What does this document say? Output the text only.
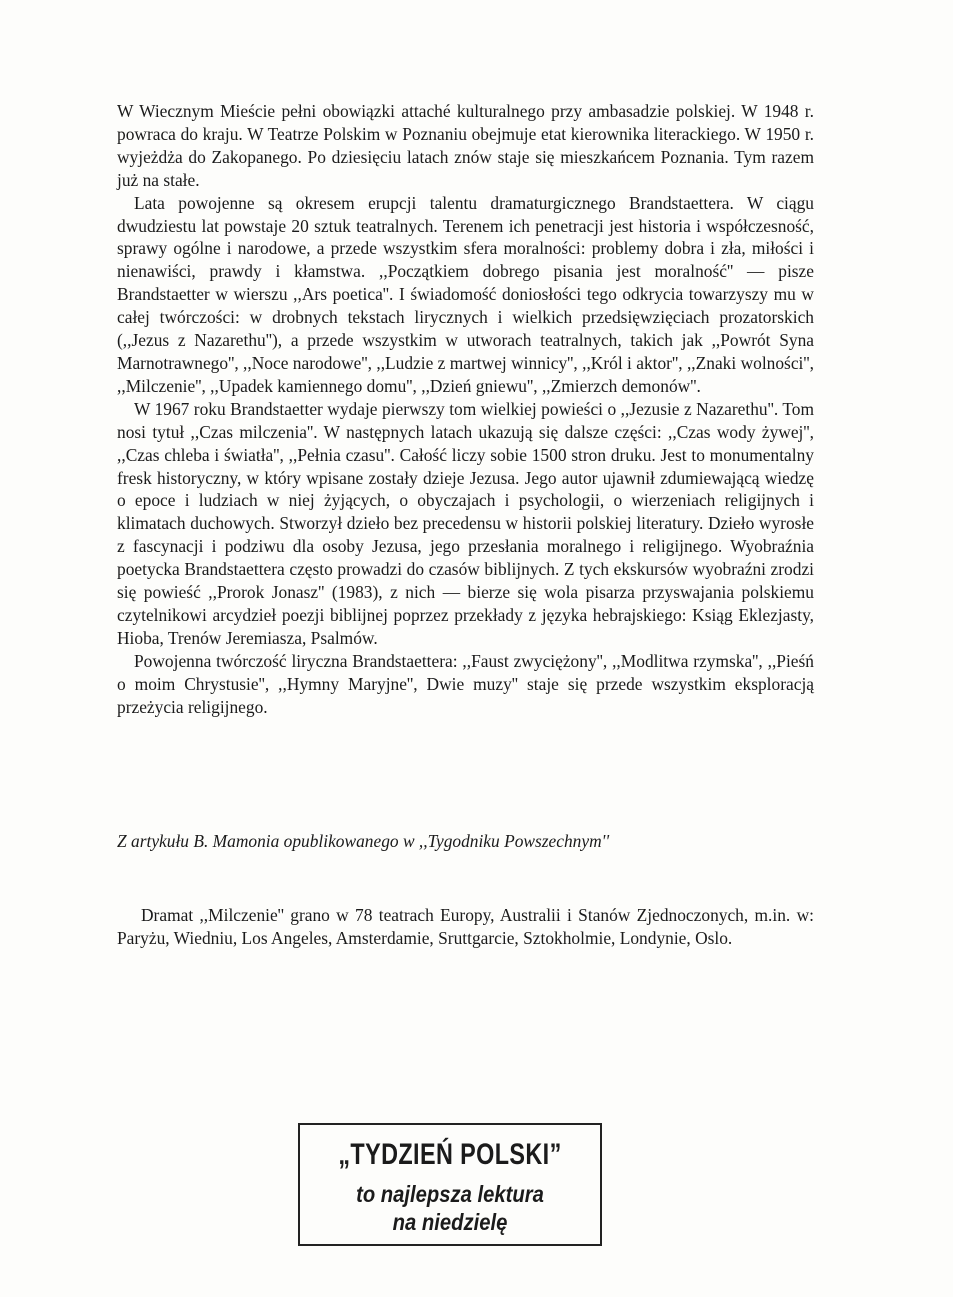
W Wiecznym Mieście pełni obowiązki attaché kulturalnego przy ambasadzie polskiej. W 1948 r. powraca do kraju. W Teatrze Polskim w Poznaniu obejmuje etat kierownika literackiego. W 1950 r. wyjeżdża do Zakopanego. Po dziesięciu latach znów staje się mieszkańcem Poznania. Tym razem już na stałe.

Lata powojenne są okresem erupcji talentu dramaturgicznego Brandstaettera. W ciągu dwudziestu lat powstaje 20 sztuk teatralnych. Terenem ich penetracji jest historia i współczesność, sprawy ogólne i narodowe, a przede wszystkim sfera moralności: problemy dobra i zła, miłości i nienawiści, prawdy i kłamstwa. ,,Początkiem dobrego pisania jest moralność'' — pisze Brandstaetter w wierszu ,,Ars poetica''. I świadomość doniosłości tego odkrycia towarzyszy mu w całej twórczości: w drobnych tekstach lirycznych i wielkich przedsięwzięciach prozatorskich (,,Jezus z Nazarethu''), a przede wszystkim w utworach teatralnych, takich jak ,,Powrót Syna Marnotrawnego'', ,,Noce narodowe'', ,,Ludzie z martwej winnicy'', ,,Król i aktor'', ,,Znaki wolności'', ,,Milczenie'', ,,Upadek kamiennego domu'', ,,Dzień gniewu'', ,,Zmierzch demonów''.

W 1967 roku Brandstaetter wydaje pierwszy tom wielkiej powieści o ,,Jezusie z Nazarethu''. Tom nosi tytuł ,,Czas milczenia''. W następnych latach ukazują się dalsze części: ,,Czas wody żywej'', ,,Czas chleba i światła'', ,,Pełnia czasu''. Całość liczy sobie 1500 stron druku. Jest to monumentalny fresk historyczny, w który wpisane zostały dzieje Jezusa. Jego autor ujawnił zdumiewającą wiedzę o epoce i ludziach w niej żyjących, o obyczajach i psychologii, o wierzeniach religijnych i klimatach duchowych. Stworzył dzieło bez precedensu w historii polskiej literatury. Dzieło wyrosłe z fascynacji i podziwu dla osoby Jezusa, jego przesłania moralnego i religijnego. Wyobraźnia poetycka Brandstaettera często prowadzi do czasów biblijnych. Z tych ekskursów wyobraźni zrodzi się powieść ,,Prorok Jonasz'' (1983), z nich — bierze się wola pisarza przyswajania polskiemu czytelnikowi arcydzieł poezji biblijnej poprzez przekłady z języka hebrajskiego: Ksiąg Eklezjasty, Hioba, Trenów Jeremiasza, Psalmów.

Powojenna twórczość liryczna Brandstaettera: ,,Faust zwyciężony'', ,,Modlitwa rzymska'', ,,Pieśń o moim Chrystusie'', ,,Hymny Maryjne'', Dwie muzy'' staje się przede wszystkim eksploracją przeżycia religijnego.

Z artykułu B. Mamonia opublikowanego w ,,Tygodniku Powszechnym''

Dramat ,,Milczenie'' grano w 78 teatrach Europy, Australii i Stanów Zjednoczonych, m.in. w: Paryżu, Wiedniu, Los Angeles, Amsterdamie, Sruttgarcie, Sztokholmie, Londynie, Oslo.

„TYDZIEŃ POLSKI”
to najlepsza lektura
na niedzielę
